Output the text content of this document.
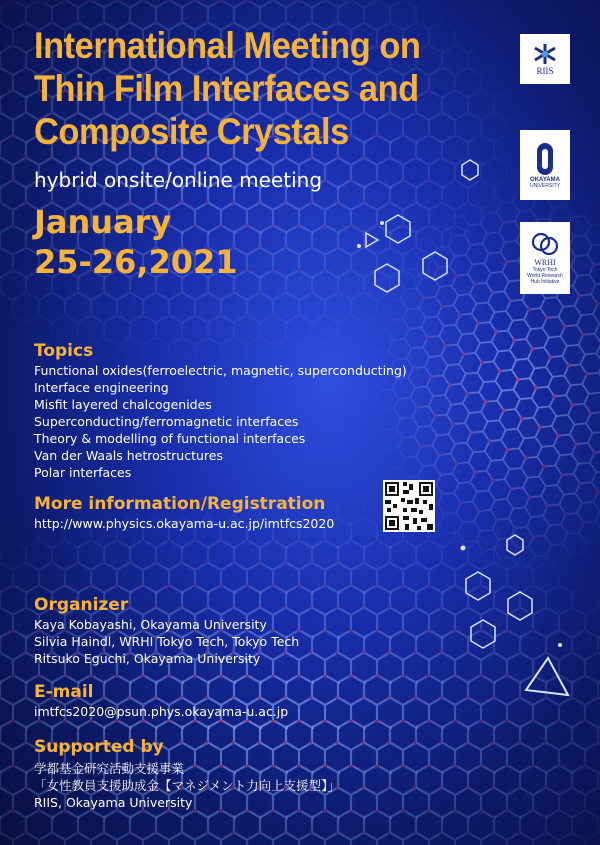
International Meeting on
Thin Film Interfaces and
Composite Crystals
hybrid onsite/online meeting
January
25-26,2021
RIIS
OKAYAMA
UNIVERSITY
WRHI
Tokyo Tech
World Research
Hub Initiative
Topics
Functional oxides(ferroelectric, magnetic, superconducting)
Interface engineering
Misfit layered chalcogenides
Superconducting/ferromagnetic interfaces
Theory & modelling of functional interfaces
Van der Waals hetrostructures
Polar interfaces
More information/Registration
http://www.physics.okayama-u.ac.jp/imtfcs2020
Organizer
Kaya Kobayashi, Okayama University
Silvia Haindl, WRHI Tokyo Tech, Tokyo Tech
Ritsuko Eguchi, Okayama University
E-mail
imtfcs2020@psun.phys.okayama-u.ac.jp
Supported by
学都基金研究活動支援事業
「女性教員支援助成金【マネジメント力向上支援型】」
RIIS, Okayama University
